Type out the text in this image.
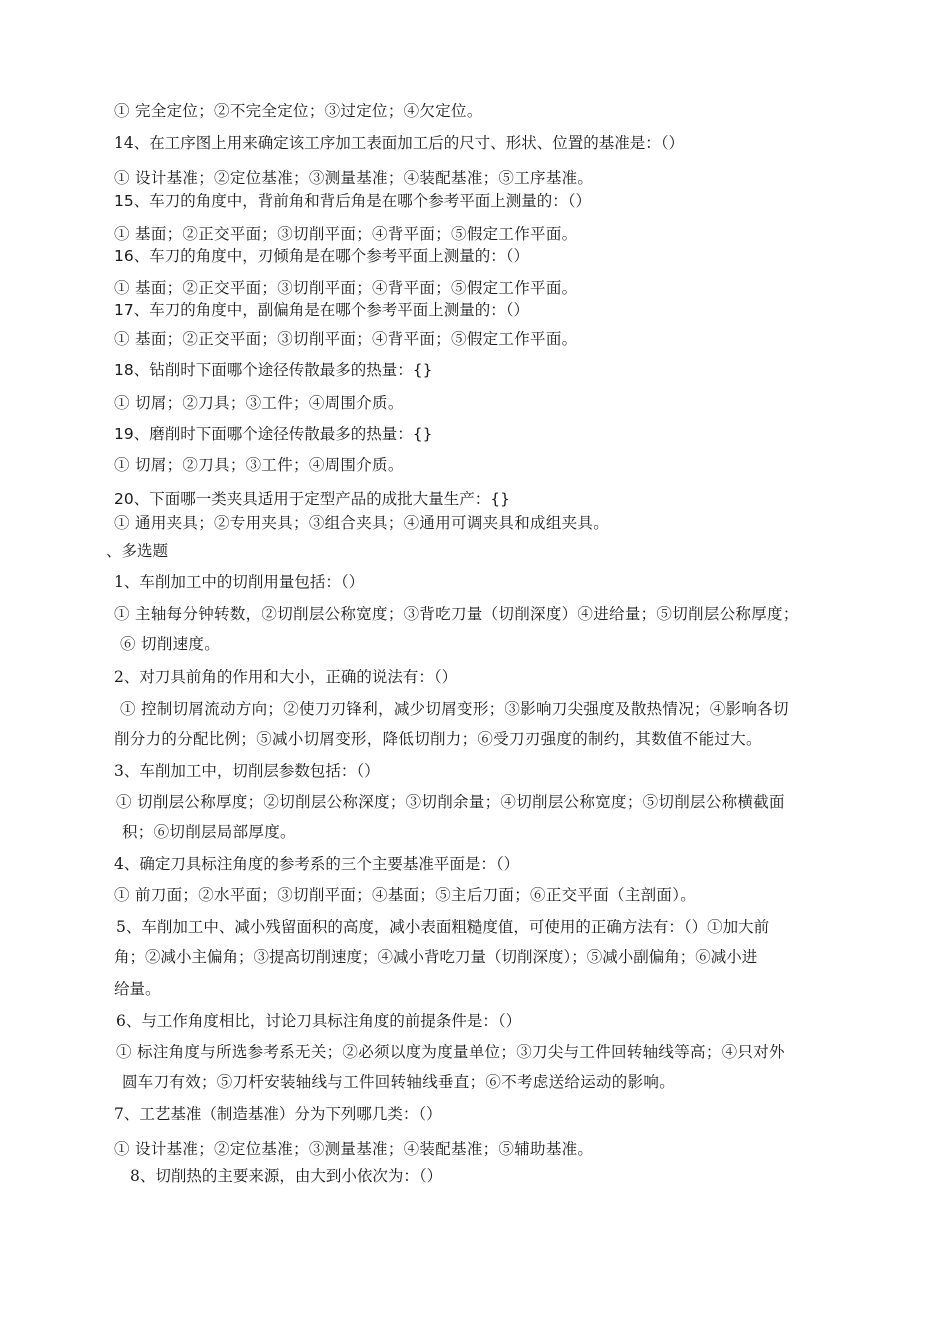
① 完全定位；②不完全定位；③过定位；④欠定位。
14、在工序图上用来确定该工序加工表面加工后的尺寸、形状、位置的基准是：（）
① 设计基准；②定位基准；③测量基准；④装配基准；⑤工序基准。
15、车刀的角度中，背前角和背后角是在哪个参考平面上测量的：（）
① 基面；②正交平面；③切削平面；④背平面；⑤假定工作平面。
16、车刀的角度中，刃倾角是在哪个参考平面上测量的：（）
① 基面；②正交平面；③切削平面；④背平面；⑤假定工作平面。
17、车刀的角度中，副偏角是在哪个参考平面上测量的：（）
① 基面；②正交平面；③切削平面；④背平面；⑤假定工作平面。
18、钻削时下面哪个途径传散最多的热量：{}
① 切屑；②刀具；③工件；④周围介质。
19、磨削时下面哪个途径传散最多的热量：{}
① 切屑；②刀具；③工件；④周围介质。
20、下面哪一类夹具适用于定型产品的成批大量生产：{}
① 通用夹具；②专用夹具；③组合夹具；④通用可调夹具和成组夹具。
、多选题
1、车削加工中的切削用量包括：（）
① 主轴每分钟转数，②切削层公称宽度；③背吃刀量（切削深度）④进给量；⑤切削层公称厚度；
⑥ 切削速度。
2、对刀具前角的作用和大小，正确的说法有：（）
① 控制切屑流动方向；②使刀刃锋利，减少切屑变形；③影响刀尖强度及散热情况；④影响各切
削分力的分配比例；⑤减小切屑变形，降低切削力；⑥受刀刃强度的制约，其数值不能过大。
3、车削加工中，切削层参数包括：（）
① 切削层公称厚度；②切削层公称深度；③切削余量；④切削层公称宽度；⑤切削层公称横截面
积；⑥切削层局部厚度。
4、确定刀具标注角度的参考系的三个主要基准平面是：（）
① 前刀面；②水平面；③切削平面；④基面；⑤主后刀面；⑥正交平面（主剖面）。
5、车削加工中、减小残留面积的高度，减小表面粗糙度值，可使用的正确方法有：（）①加大前
角；②减小主偏角；③提高切削速度；④减小背吃刀量（切削深度）；⑤减小副偏角；⑥减小进
给量。
6、与工作角度相比，讨论刀具标注角度的前提条件是：（）
① 标注角度与所选参考系无关；②必须以度为度量单位；③刀尖与工件回转轴线等高；④只对外
圆车刀有效；⑤刀杆安装轴线与工件回转轴线垂直；⑥不考虑送给运动的影响。
7、工艺基准（制造基准）分为下列哪几类：（）
① 设计基准；②定位基准；③测量基准；④装配基准；⑤辅助基准。
8、切削热的主要来源，由大到小依次为：（）
